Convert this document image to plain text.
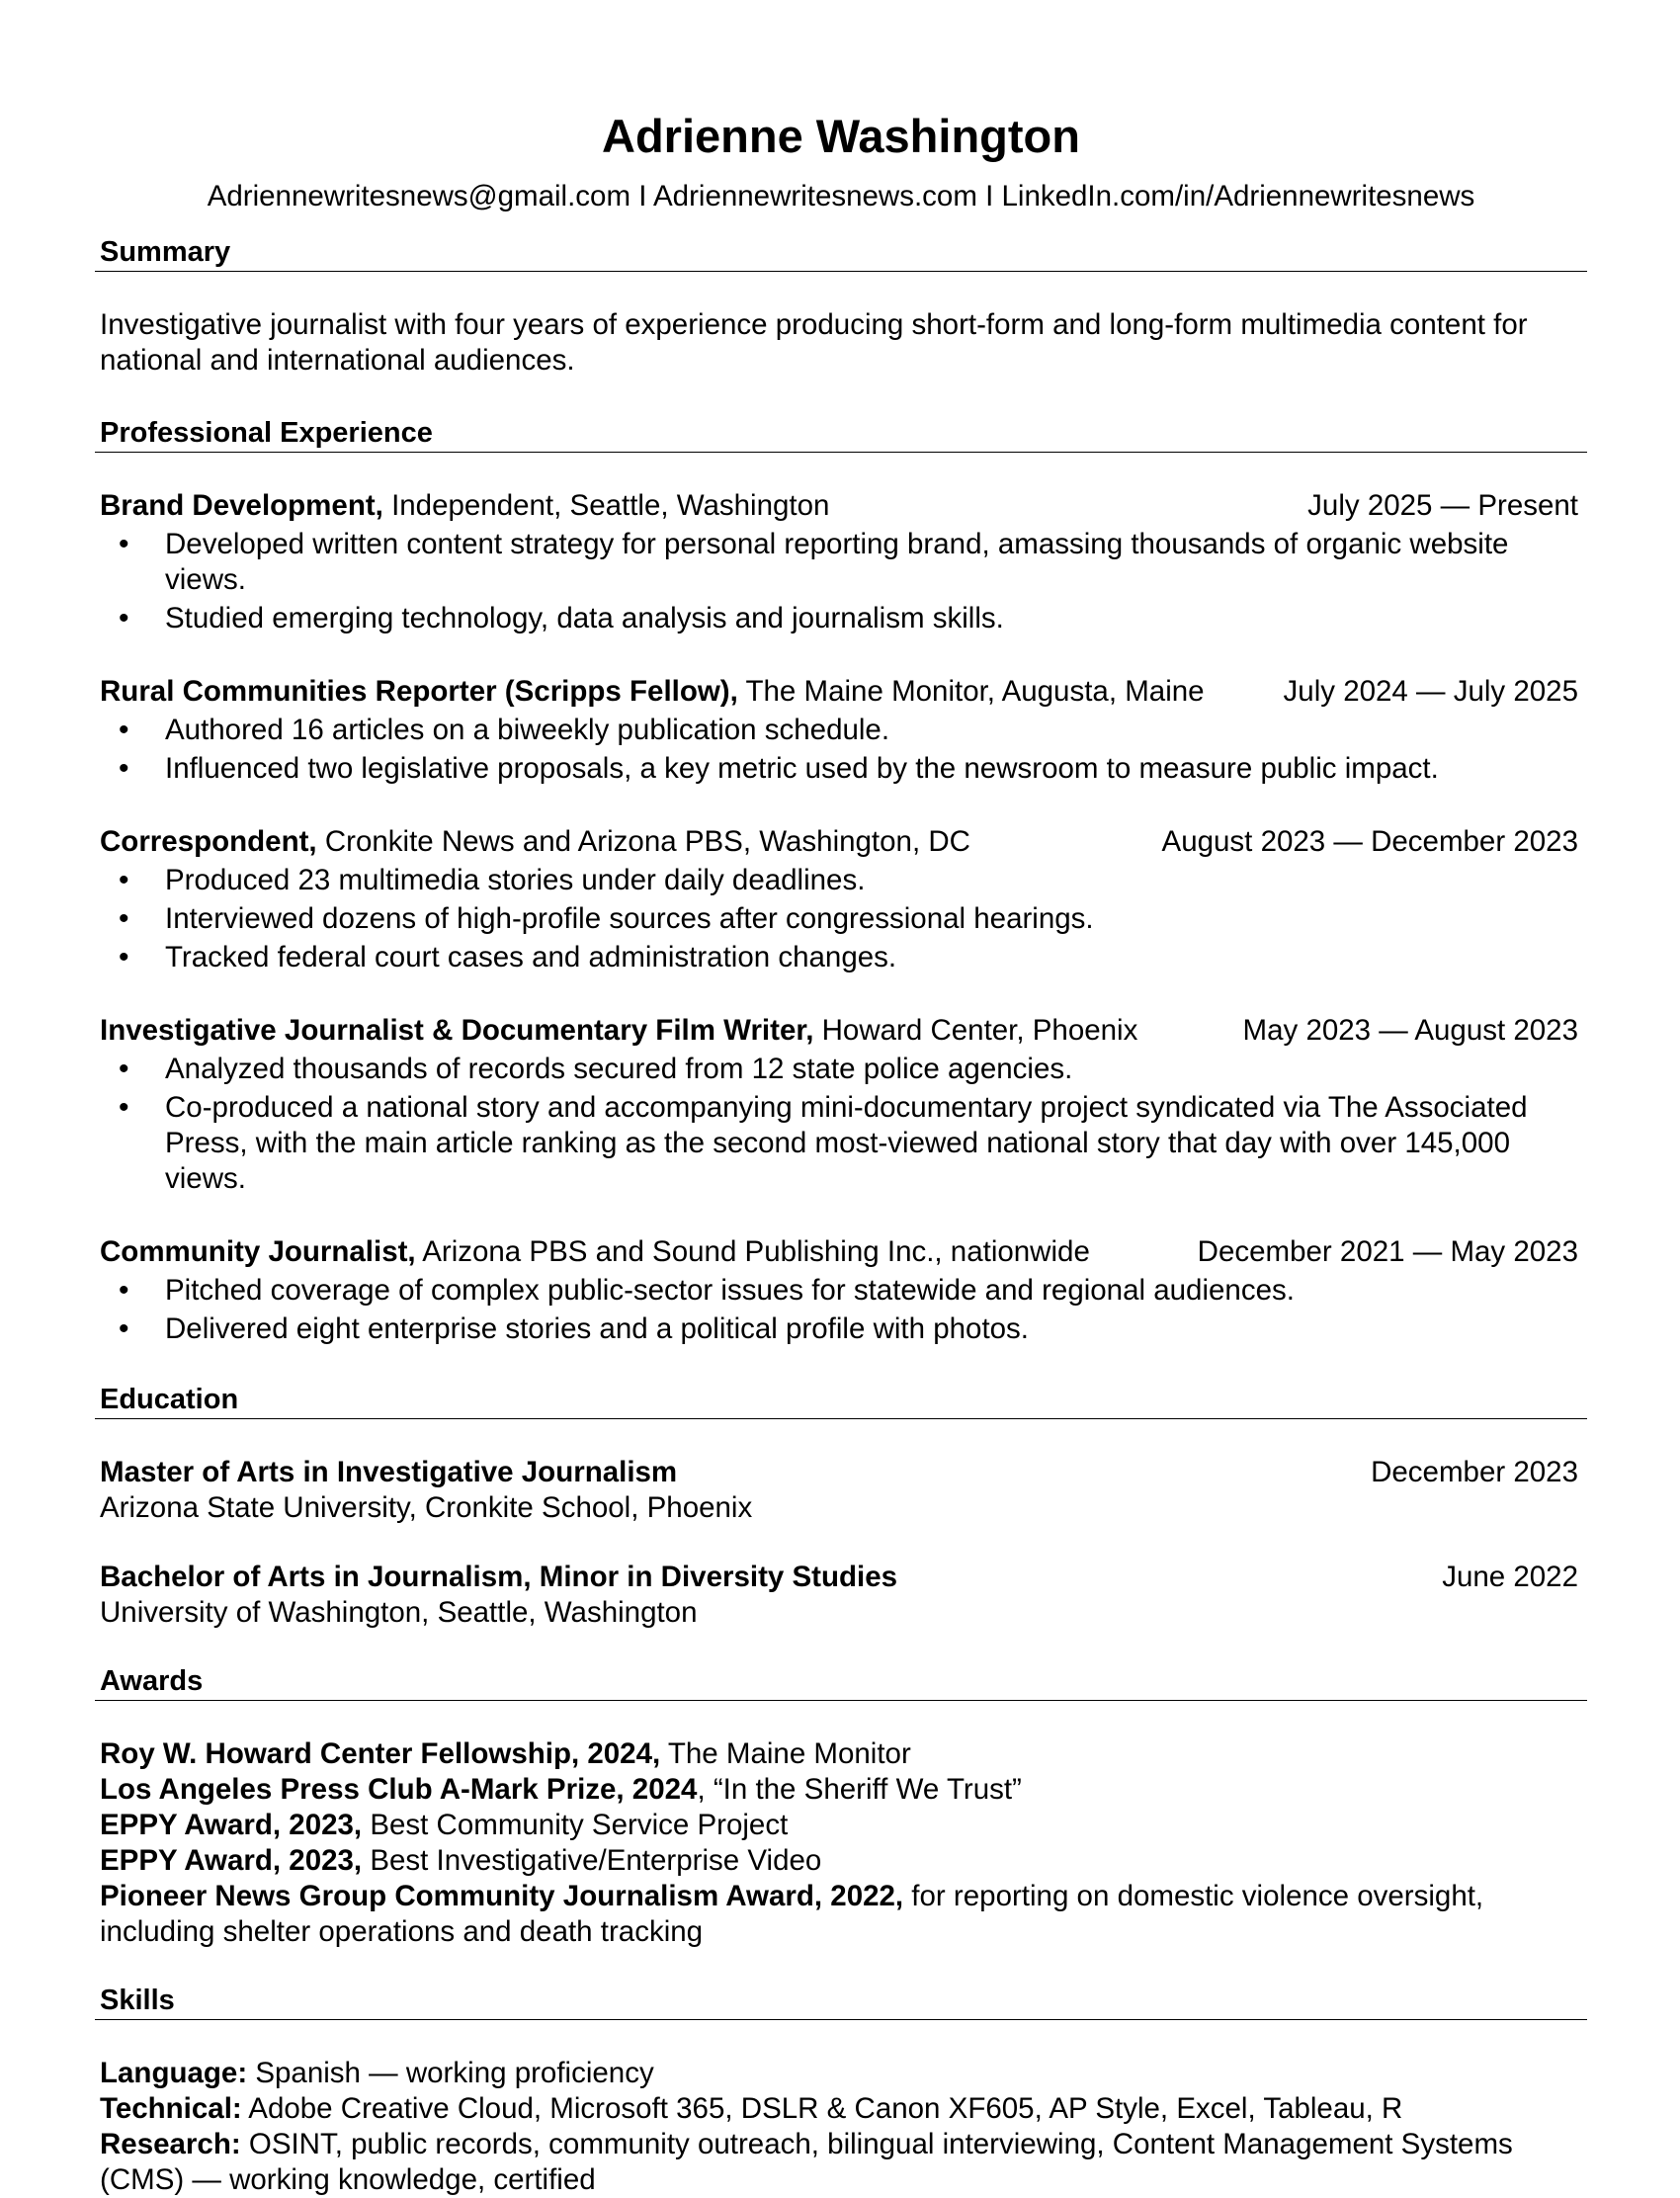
Adrienne Washington
Adriennewritesnews@gmail.com I Adriennewritesnews.com I LinkedIn.com/in/Adriennewritesnews
Summary
Investigative journalist with four years of experience producing short-form and long-form multimedia content for national and international audiences.
Professional Experience
Brand Development, Independent, Seattle, Washington	July 2025 — Present
• Developed written content strategy for personal reporting brand, amassing thousands of organic website views.
• Studied emerging technology, data analysis and journalism skills.
Rural Communities Reporter (Scripps Fellow), The Maine Monitor, Augusta, Maine	July 2024 — July 2025
• Authored 16 articles on a biweekly publication schedule.
• Influenced two legislative proposals, a key metric used by the newsroom to measure public impact.
Correspondent, Cronkite News and Arizona PBS, Washington, DC	August 2023 — December 2023
• Produced 23 multimedia stories under daily deadlines.
• Interviewed dozens of high-profile sources after congressional hearings.
• Tracked federal court cases and administration changes.
Investigative Journalist & Documentary Film Writer, Howard Center, Phoenix	May 2023 — August 2023
• Analyzed thousands of records secured from 12 state police agencies.
• Co-produced a national story and accompanying mini-documentary project syndicated via The Associated Press, with the main article ranking as the second most-viewed national story that day with over 145,000 views.
Community Journalist, Arizona PBS and Sound Publishing Inc., nationwide	December 2021 — May 2023
• Pitched coverage of complex public-sector issues for statewide and regional audiences.
• Delivered eight enterprise stories and a political profile with photos.
Education
Master of Arts in Investigative Journalism	December 2023
Arizona State University, Cronkite School, Phoenix
Bachelor of Arts in Journalism, Minor in Diversity Studies	June 2022
University of Washington, Seattle, Washington
Awards
Roy W. Howard Center Fellowship, 2024, The Maine Monitor
Los Angeles Press Club A-Mark Prize, 2024, “In the Sheriff We Trust”
EPPY Award, 2023, Best Community Service Project
EPPY Award, 2023, Best Investigative/Enterprise Video
Pioneer News Group Community Journalism Award, 2022, for reporting on domestic violence oversight, including shelter operations and death tracking
Skills
Language: Spanish — working proficiency
Technical: Adobe Creative Cloud, Microsoft 365, DSLR & Canon XF605, AP Style, Excel, Tableau, R
Research: OSINT, public records, community outreach, bilingual interviewing, Content Management Systems (CMS) — working knowledge, certified
